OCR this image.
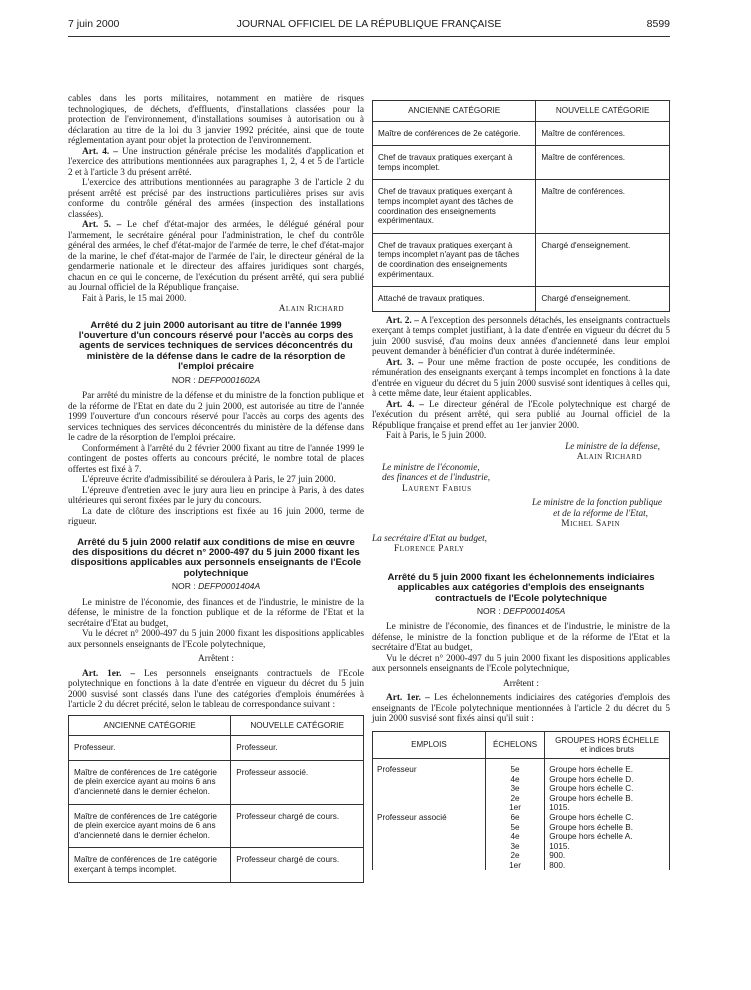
7 juin 2000	JOURNAL OFFICIEL DE LA RÉPUBLIQUE FRANÇAISE	8599

cables dans les ports militaires, notamment en matière de risques technologiques, de déchets, d'effluents, d'installations classées pour la protection de l'environnement, d'installations soumises à autorisation ou à déclaration au titre de la loi du 3 janvier 1992 précitée, ainsi que de toute réglementation ayant pour objet la protection de l'environnement.

Art. 4. – Une instruction générale précise les modalités d'application et l'exercice des attributions mentionnées aux paragraphes 1, 2, 4 et 5 de l'article 2 et à l'article 3 du présent arrêté.

L'exercice des attributions mentionnées au paragraphe 3 de l'article 2 du présent arrêté est précisé par des instructions particulières prises sur avis conforme du contrôle général des armées (inspection des installations classées).

Art. 5. – Le chef d'état-major des armées, le délégué général pour l'armement, le secrétaire général pour l'administration, le chef du contrôle général des armées, le chef d'état-major de l'armée de terre, le chef d'état-major de la marine, le chef d'état-major de l'armée de l'air, le directeur général de la gendarmerie nationale et le directeur des affaires juridiques sont chargés, chacun en ce qui le concerne, de l'exécution du présent arrêté, qui sera publié au Journal officiel de la République française.

Fait à Paris, le 15 mai 2000.

Alain Richard

Arrêté du 2 juin 2000 autorisant au titre de l'année 1999 l'ouverture d'un concours réservé pour l'accès au corps des agents de services techniques de services déconcentrés du ministère de la défense dans le cadre de la résorption de l'emploi précaire
NOR : DEFP0001602A

Par arrêté du ministre de la défense et du ministre de la fonction publique et de la réforme de l'Etat en date du 2 juin 2000, est autorisée au titre de l'année 1999 l'ouverture d'un concours réservé pour l'accès au corps des agents des services techniques des services déconcentrés du ministère de la défense dans le cadre de la résorption de l'emploi précaire.

Conformément à l'arrêté du 2 février 2000 fixant au titre de l'année 1999 le contingent de postes offerts au concours précité, le nombre total de places offertes est fixé à 7.

L'épreuve écrite d'admissibilité se déroulera à Paris, le 27 juin 2000.

L'épreuve d'entretien avec le jury aura lieu en principe à Paris, à des dates ultérieures qui seront fixées par le jury du concours.

La date de clôture des inscriptions est fixée au 16 juin 2000, terme de rigueur.

Arrêté du 5 juin 2000 relatif aux conditions de mise en œuvre des dispositions du décret n° 2000-497 du 5 juin 2000 fixant les dispositions applicables aux personnels enseignants de l'Ecole polytechnique
NOR : DEFP0001404A

Le ministre de l'économie, des finances et de l'industrie, le ministre de la défense, le ministre de la fonction publique et de la réforme de l'Etat et la secrétaire d'Etat au budget,

Vu le décret n° 2000-497 du 5 juin 2000 fixant les dispositions applicables aux personnels enseignants de l'Ecole polytechnique,

Arrêtent :

Art. 1er. – Les personnels enseignants contractuels de l'Ecole polytechnique en fonctions à la date d'entrée en vigueur du décret du 5 juin 2000 susvisé sont classés dans l'une des catégories d'emplois énumérées à l'article 2 du décret précité, selon le tableau de correspondance suivant :

ANCIENNE CATÉGORIE	NOUVELLE CATÉGORIE
Professeur.	Professeur.
Maître de conférences de 1re catégorie de plein exercice ayant au moins 6 ans d'ancienneté dans le dernier échelon.	Professeur associé.
Maître de conférences de 1re catégorie de plein exercice ayant moins de 6 ans d'ancienneté dans le dernier échelon.	Professeur chargé de cours.
Maître de conférences de 1re catégorie exerçant à temps incomplet.	Professeur chargé de cours.
ANCIENNE CATÉGORIE	NOUVELLE CATÉGORIE
Maître de conférences de 2e catégorie.	Maître de conférences.
Chef de travaux pratiques exerçant à temps incomplet.	Maître de conférences.
Chef de travaux pratiques exerçant à temps incomplet ayant des tâches de coordination des enseignements expérimentaux.	Maître de conférences.
Chef de travaux pratiques exerçant à temps incomplet n'ayant pas de tâches de coordination des enseignements expérimentaux.	Chargé d'enseignement.
Attaché de travaux pratiques.	Chargé d'enseignement.

Art. 2. – A l'exception des personnels détachés, les enseignants contractuels exerçant à temps complet justifiant, à la date d'entrée en vigueur du décret du 5 juin 2000 susvisé, d'au moins deux années d'ancienneté dans leur emploi peuvent demander à bénéficier d'un contrat à durée indéterminée.

Art. 3. – Pour une même fraction de poste occupée, les conditions de rémunération des enseignants exerçant à temps incomplet en fonctions à la date d'entrée en vigueur du décret du 5 juin 2000 susvisé sont identiques à celles qui, à cette même date, leur étaient applicables.

Art. 4. – Le directeur général de l'Ecole polytechnique est chargé de l'exécution du présent arrêté, qui sera publié au Journal officiel de la République française et prend effet au 1er janvier 2000.

Fait à Paris, le 5 juin 2000.

Le ministre de la défense,

Alain Richard

Le ministre de l'économie,

des finances et de l'industrie,

Laurent Fabius

Le ministre de la fonction publique

et de la réforme de l'Etat,

Michel Sapin

La secrétaire d'Etat au budget,

Florence Parly

Arrêté du 5 juin 2000 fixant les échelonnements indiciaires applicables aux catégories d'emplois des enseignants contractuels de l'Ecole polytechnique
NOR : DEFP0001405A

Le ministre de l'économie, des finances et de l'industrie, le ministre de la défense, le ministre de la fonction publique et de la réforme de l'Etat et la secrétaire d'Etat au budget,

Vu le décret n° 2000-497 du 5 juin 2000 fixant les dispositions applicables aux personnels enseignants de l'Ecole polytechnique,

Arrêtent :

Art. 1er. – Les échelonnements indiciaires des catégories d'emplois des enseignants de l'Ecole polytechnique mentionnées à l'article 2 du décret du 5 juin 2000 susvisé sont fixés ainsi qu'il suit :

EMPLOIS	ÉCHELONS	GROUPES HORS ÉCHELLE
et indices bruts

Professeur	5e	Groupe hors échelle E.
	4e	Groupe hors échelle D.
	3e	Groupe hors échelle C.
	2e	Groupe hors échelle B.
	1er	1015.
Professeur associé	6e	Groupe hors échelle C.
	5e	Groupe hors échelle B.
	4e	Groupe hors échelle A.
	3e	1015.
	2e	900.
	1er	800.
